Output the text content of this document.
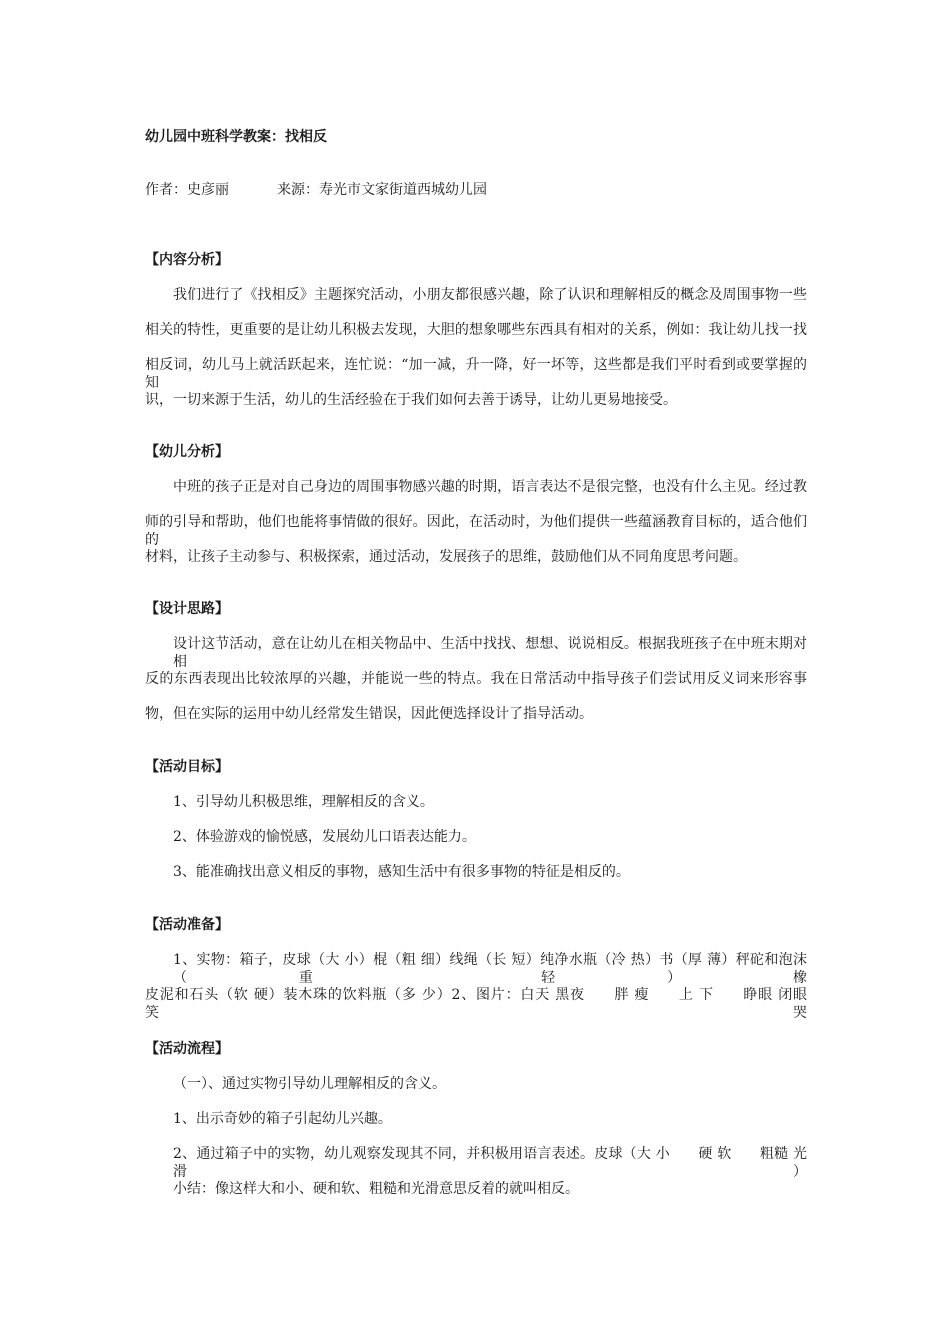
幼儿园中班科学教案：找相反
作者：史彦丽	来源：寿光市文家街道西城幼儿园
【内容分析】
我们进行了《找相反》主题探究活动，小朋友都很感兴趣，除了认识和理解相反的概念及周围事物一些
相关的特性，更重要的是让幼儿积极去发现，大胆的想象哪些东西具有相对的关系，例如：我让幼儿找一找
相反词，幼儿马上就活跃起来，连忙说：“加一减，升一降，好一坏等，这些都是我们平时看到或要掌握的知
识，一切来源于生活，幼儿的生活经验在于我们如何去善于诱导，让幼儿更易地接受。
【幼儿分析】
中班的孩子正是对自己身边的周围事物感兴趣的时期，语言表达不是很完整，也没有什么主见。经过教
师的引导和帮助，他们也能将事情做的很好。因此，在活动时，为他们提供一些蕴涵教育目标的，适合他们的
材料，让孩子主动参与、积极探索，通过活动，发展孩子的思维，鼓励他们从不同角度思考问题。
【设计思路】
设计这节活动，意在让幼儿在相关物品中、生活中找找、想想、说说相反。根据我班孩子在中班末期对相
反的东西表现出比较浓厚的兴趣，并能说一些的特点。我在日常活动中指导孩子们尝试用反义词来形容事
物，但在实际的运用中幼儿经常发生错误，因此便选择设计了指导活动。
【活动目标】
1、引导幼儿积极思维，理解相反的含义。
2、体验游戏的愉悦感，发展幼儿口语表达能力。
3、能准确找出意义相反的事物，感知生活中有很多事物的特征是相反的。
【活动准备】
1、实物：箱子，皮球（大 小）棍（粗 细）线绳（长 短）纯净水瓶（冷 热）书（厚 薄）秤砣和泡沫（重 轻）橡
皮泥和石头（软 硬）装木珠的饮料瓶（多 少）2、图片：白天 黑夜　　胖 瘦　　上 下　　睁眼 闭眼　　笑 哭
【活动流程】
（一）、通过实物引导幼儿理解相反的含义。
1、出示奇妙的箱子引起幼儿兴趣。
2、通过箱子中的实物，幼儿观察发现其不同，并积极用语言表述。皮球（大 小　　硬 软　　粗糙 光滑）
小结：像这样大和小、硬和软、粗糙和光滑意思反着的就叫相反。
